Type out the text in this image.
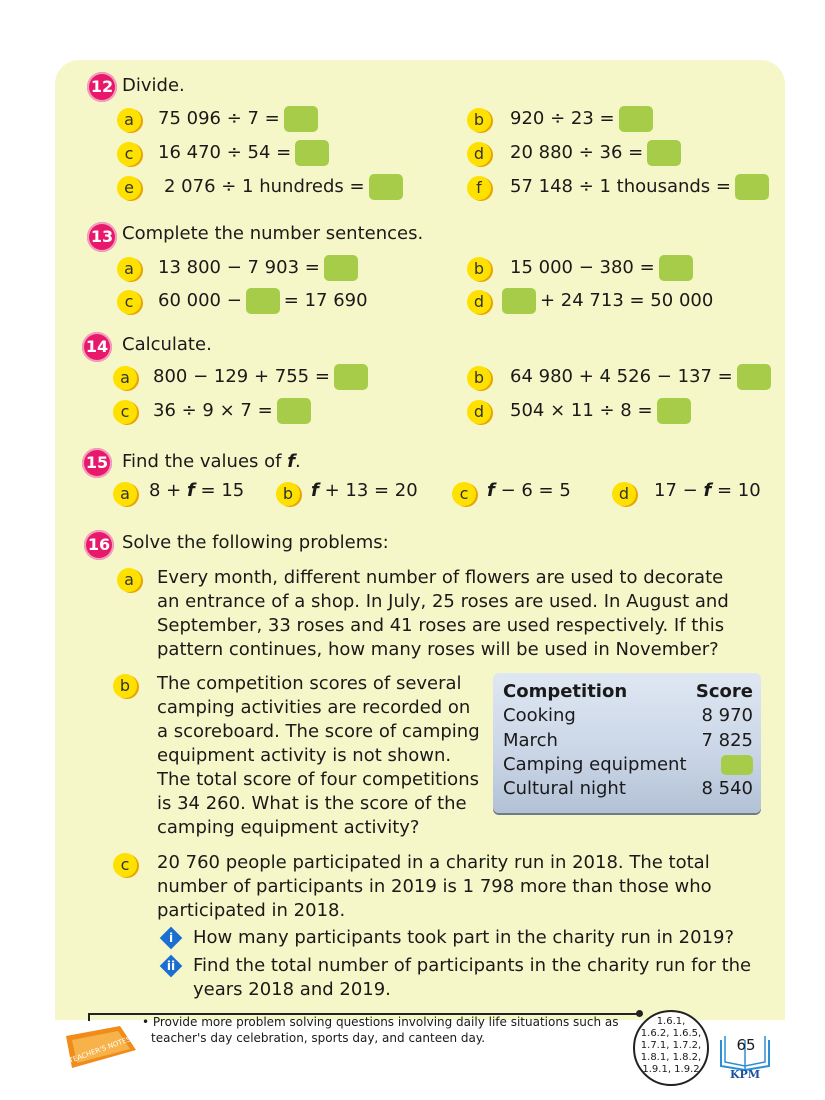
12 Divide.
a	75 096 ÷ 7 =	b	920 ÷ 23 =
c	16 470 ÷ 54 =	d	20 880 ÷ 36 =
e	2 076 ÷ 1 hundreds =	f	57 148 ÷ 1 thousands =
13 Complete the number sentences.
a	13 800 − 7 903 =	b	15 000 − 380 =
c	60 000 − = 17 690	d	+ 24 713 = 50 000
14 Calculate.
a	800 − 129 + 755 =	b	64 980 + 4 526 − 137 =
c	36 ÷ 9 × 7 =	d	504 × 11 ÷ 8 =
15 Find the values of f.
a	8 + f = 15	b f + 13 = 20	c	f − 6 = 5	d	17 − f = 10
16 Solve the following problems:
a	Every month, different number of flowers are used to decorate
an entrance of a shop. In July, 25 roses are used. In August and
September, 33 roses and 41 roses are used respectively. If this
pattern continues, how many roses will be used in November?
b	The competition scores of several
camping activities are recorded on
a scoreboard. The score of camping
equipment activity is not shown.
The total score of four competitions
is 34 260. What is the score of the
camping equipment activity?
Competition	Score
Cooking	8 970
March	7 825
Camping equipment
Cultural night	8 540
c	20 760 people participated in a charity run in 2018. The total
number of participants in 2019 is 1 798 more than those who
participated in 2018.
i	How many participants took part in the charity run in 2019?
ii Find the total number of participants in the charity run for the
years 2018 and 2019.
TEACHER'S NOTES
• Provide more problem solving questions involving daily life situations such as
teacher's day celebration, sports day, and canteen day.
1.6.1,
1.6.2, 1.6.5,
1.7.1, 1.7.2,
1.8.1, 1.8.2,
1.9.1, 1.9.2
65
KPM
